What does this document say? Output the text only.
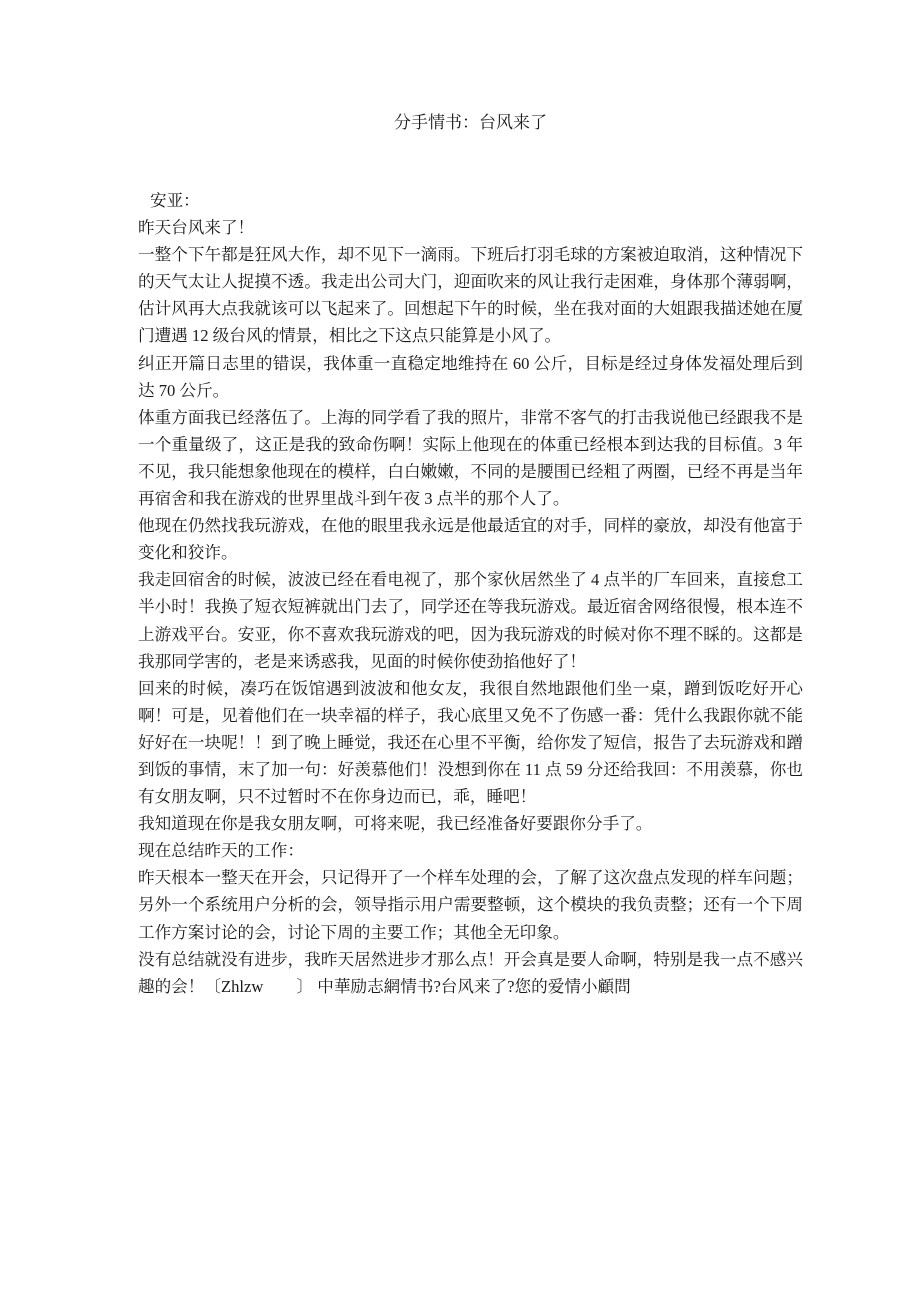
分手情书：台风来了

安亚：

昨天台风来了！

一整个下午都是狂风大作，却不见下一滴雨。下班后打羽毛球的方案被迫取消，这种情况下的天气太让人捉摸不透。我走出公司大门，迎面吹来的风让我行走困难，身体那个薄弱啊，估计风再大点我就该可以飞起来了。回想起下午的时候，坐在我对面的大姐跟我描述她在厦门遭遇 12 级台风的情景，相比之下这点只能算是小风了。

纠正开篇日志里的错误，我体重一直稳定地维持在 60 公斤，目标是经过身体发福处理后到达 70 公斤。

体重方面我已经落伍了。上海的同学看了我的照片，非常不客气的打击我说他已经跟我不是一个重量级了，这正是我的致命伤啊！实际上他现在的体重已经根本到达我的目标值。3 年不见，我只能想象他现在的模样，白白嫩嫩，不同的是腰围已经粗了两圈，已经不再是当年再宿舍和我在游戏的世界里战斗到午夜 3 点半的那个人了。

他现在仍然找我玩游戏，在他的眼里我永远是他最适宜的对手，同样的豪放，却没有他富于变化和狡诈。

我走回宿舍的时候，波波已经在看电视了，那个家伙居然坐了 4 点半的厂车回来，直接怠工半小时！我换了短衣短裤就出门去了，同学还在等我玩游戏。最近宿舍网络很慢，根本连不上游戏平台。安亚，你不喜欢我玩游戏的吧，因为我玩游戏的时候对你不理不睬的。这都是我那同学害的，老是来诱惑我，见面的时候你使劲掐他好了！

回来的时候，凑巧在饭馆遇到波波和他女友，我很自然地跟他们坐一桌，蹭到饭吃好开心啊！可是，见着他们在一块幸福的样子，我心底里又免不了伤感一番：凭什么我跟你就不能好好在一块呢！！到了晚上睡觉，我还在心里不平衡，给你发了短信，报告了去玩游戏和蹭到饭的事情，末了加一句：好羡慕他们！没想到你在 11 点 59 分还给我回：不用羡慕，你也有女朋友啊，只不过暂时不在你身边而已，乖，睡吧！

我知道现在你是我女朋友啊，可将来呢，我已经准备好要跟你分手了。

现在总结昨天的工作：

昨天根本一整天在开会，只记得开了一个样车处理的会，了解了这次盘点发现的样车问题；另外一个系统用户分析的会，领导指示用户需要整顿，这个模块的我负责整；还有一个下周工作方案讨论的会，讨论下周的主要工作；其他全无印象。

没有总结就没有进步，我昨天居然进步才那么点！开会真是要人命啊，特别是我一点不感兴趣的会！〔Zhlzw　　〕 中華励志網情书?台风来了?您的爱情小顧問
